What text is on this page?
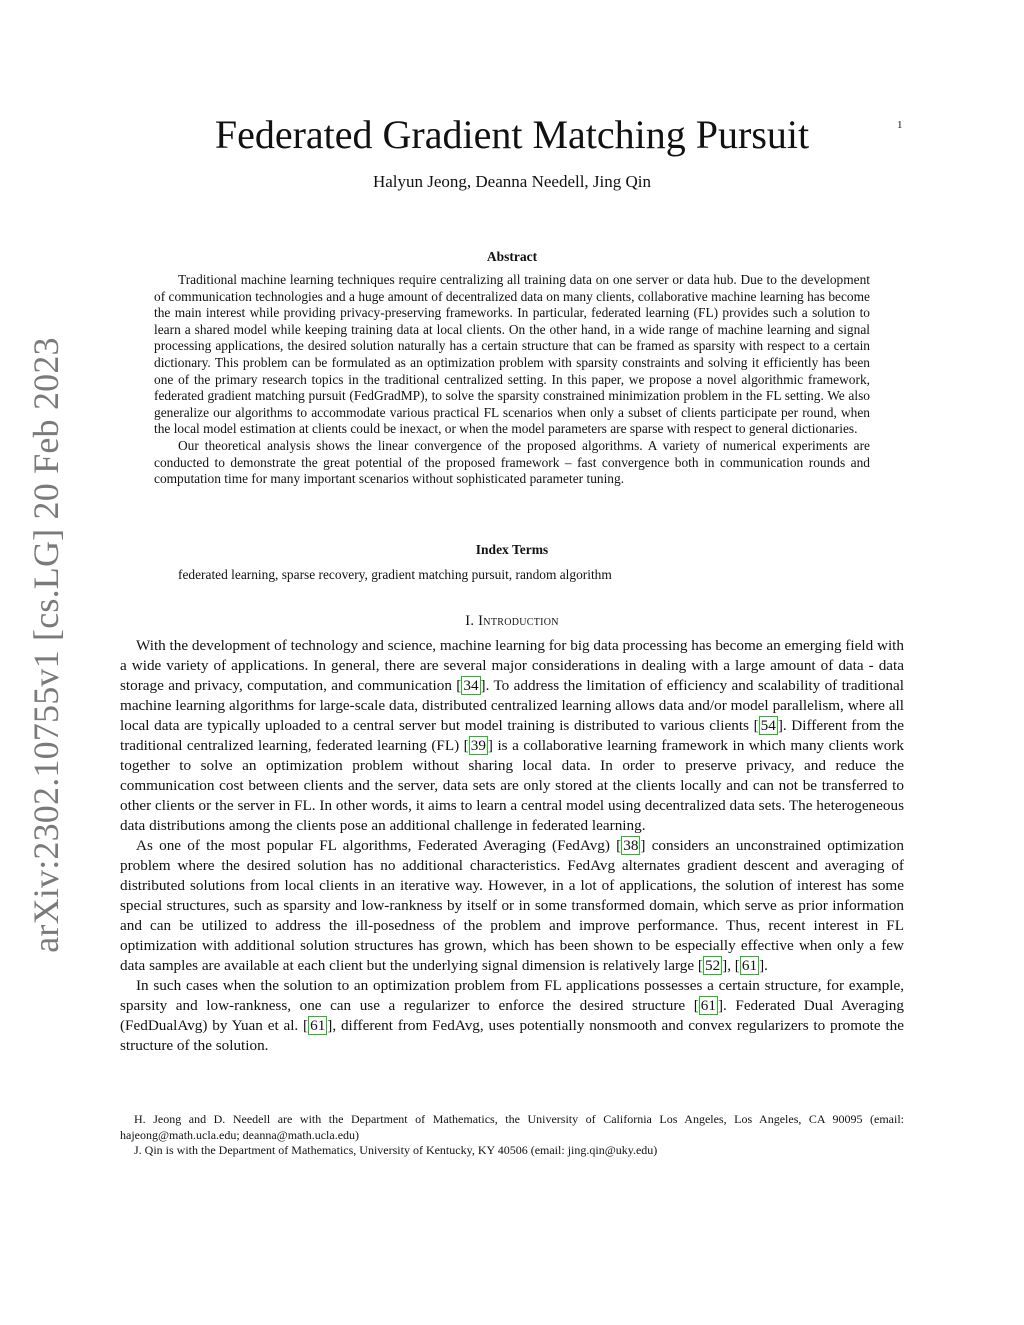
1
arXiv:2302.10755v1 [cs.LG] 20 Feb 2023
Federated Gradient Matching Pursuit
Halyun Jeong, Deanna Needell, Jing Qin
Abstract

Traditional machine learning techniques require centralizing all training data on one server or data hub. Due to the development of communication technologies and a huge amount of decentralized data on many clients, collaborative machine learning has become the main interest while providing privacy-preserving frameworks. In particular, federated learning (FL) provides such a solution to learn a shared model while keeping training data at local clients. On the other hand, in a wide range of machine learning and signal processing applications, the desired solution naturally has a certain structure that can be framed as sparsity with respect to a certain dictionary. This problem can be formulated as an optimization problem with sparsity constraints and solving it efficiently has been one of the primary research topics in the traditional centralized setting. In this paper, we propose a novel algorithmic framework, federated gradient matching pursuit (FedGradMP), to solve the sparsity constrained minimization problem in the FL setting. We also generalize our algorithms to accommodate various practical FL scenarios when only a subset of clients participate per round, when the local model estimation at clients could be inexact, or when the model parameters are sparse with respect to general dictionaries.

Our theoretical analysis shows the linear convergence of the proposed algorithms. A variety of numerical experiments are conducted to demonstrate the great potential of the proposed framework – fast convergence both in communication rounds and computation time for many important scenarios without sophisticated parameter tuning.

Index Terms
federated learning, sparse recovery, gradient matching pursuit, random algorithm
I. Introduction

With the development of technology and science, machine learning for big data processing has become an emerging field with a wide variety of applications. In general, there are several major considerations in dealing with a large amount of data - data storage and privacy, computation, and communication [ 34 ]. To address the limitation of efficiency and scalability of traditional machine learning algorithms for large-scale data, distributed centralized learning allows data and/or model parallelism, where all local data are typically uploaded to a central server but model training is distributed to various clients [ 54 ]. Different from the traditional centralized learning, federated learning (FL) [ 39 ] is a collaborative learning framework in which many clients work together to solve an optimization problem without sharing local data. In order to preserve privacy, and reduce the communication cost between clients and the server, data sets are only stored at the clients locally and can not be transferred to other clients or the server in FL. In other words, it aims to learn a central model using decentralized data sets. The heterogeneous data distributions among the clients pose an additional challenge in federated learning.

As one of the most popular FL algorithms, Federated Averaging (FedAvg) [ 38 ] considers an unconstrained optimization problem where the desired solution has no additional characteristics. FedAvg alternates gradient descent and averaging of distributed solutions from local clients in an iterative way. However, in a lot of applications, the solution of interest has some special structures, such as sparsity and low-rankness by itself or in some transformed domain, which serve as prior information and can be utilized to address the ill-posedness of the problem and improve performance. Thus, recent interest in FL optimization with additional solution structures has grown, which has been shown to be especially effective when only a few data samples are available at each client but the underlying signal dimension is relatively large [ 52 ], [ 61 ].

In such cases when the solution to an optimization problem from FL applications possesses a certain structure, for example, sparsity and low-rankness, one can use a regularizer to enforce the desired structure [ 61 ]. Federated Dual Averaging (FedDualAvg) by Yuan et al. [ 61 ], different from FedAvg, uses potentially nonsmooth and convex regularizers to promote the structure of the solution.

H. Jeong and D. Needell are with the Department of Mathematics, the University of California Los Angeles, Los Angeles, CA 90095 (email: hajeong@math.ucla.edu; deanna@math.ucla.edu)

J. Qin is with the Department of Mathematics, University of Kentucky, KY 40506 (email: jing.qin@uky.edu)
